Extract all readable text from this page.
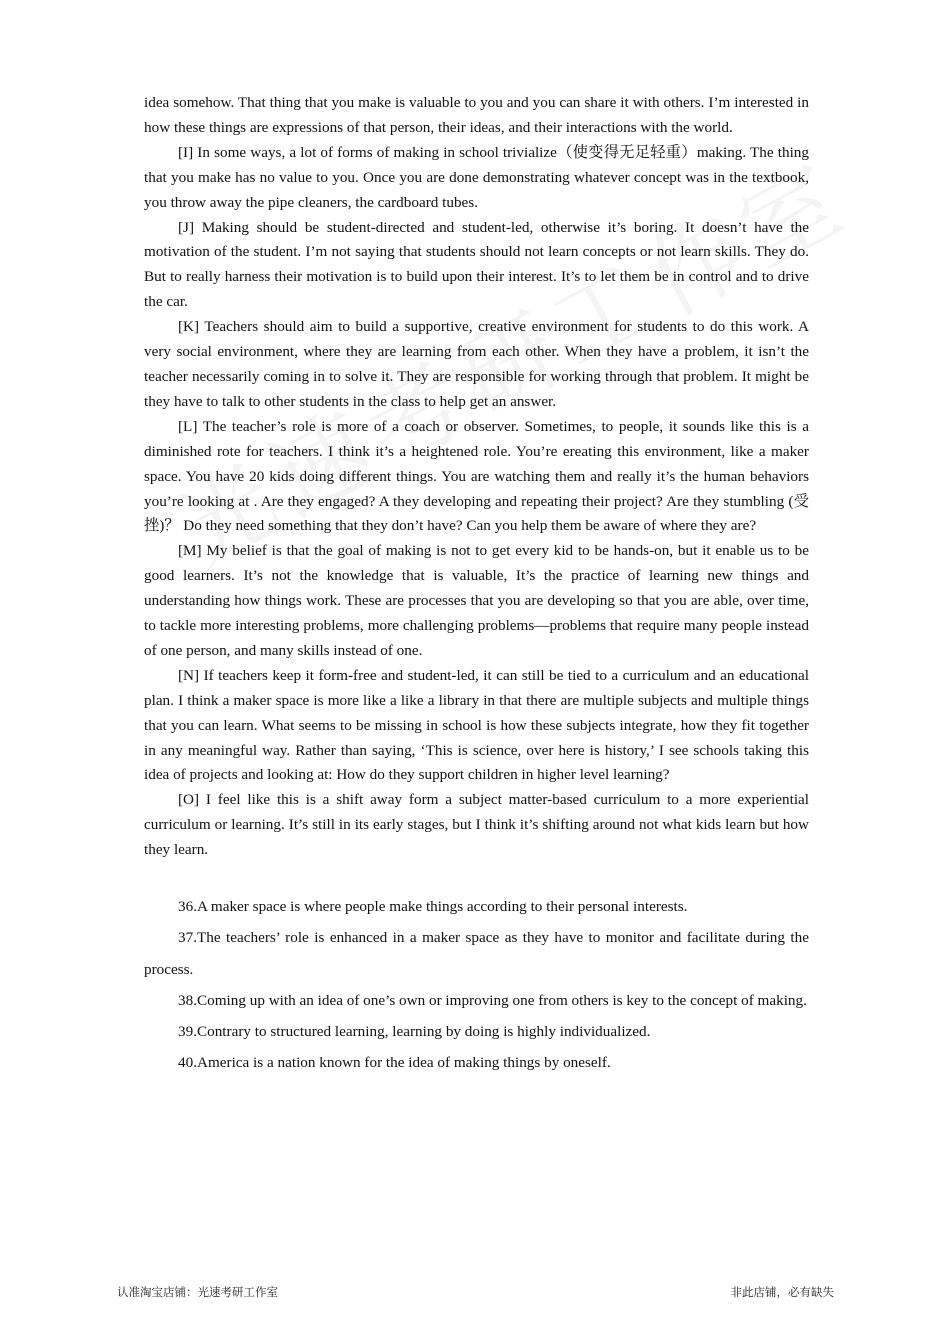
idea somehow. That thing that you make is valuable to you and you can share it with others. I’m interested in how these things are expressions of that person, their ideas, and their interactions with the world.

[I] In some ways, a lot of forms of making in school trivialize（使变得无足轻重）making. The thing that you make has no value to you. Once you are done demonstrating whatever concept was in the textbook, you throw away the pipe cleaners, the cardboard tubes.

[J] Making should be student-directed and student-led, otherwise it’s boring. It doesn’t have the motivation of the student. I’m not saying that students should not learn concepts or not learn skills. They do. But to really harness their motivation is to build upon their interest. It’s to let them be in control and to drive the car.

[K] Teachers should aim to build a supportive, creative environment for students to do this work. A very social environment, where they are learning from each other. When they have a problem, it isn’t the teacher necessarily coming in to solve it. They are responsible for working through that problem. It might be they have to talk to other students in the class to help get an answer.

[L] The teacher’s role is more of a coach or observer. Sometimes, to people, it sounds like this is a diminished rote for teachers. I think it’s a heightened role. You’re ereating this environment, like a maker space. You have 20 kids doing different things. You are watching them and really it’s the human behaviors you’re looking at . Are they engaged? A they developing and repeating their project? Are they stumbling (受挫)？ Do they need something that they don’t have? Can you help them be aware of where they are?

[M] My belief is that the goal of making is not to get every kid to be hands-on, but it enable us to be good learners. It’s not the knowledge that is valuable, It’s the practice of learning new things and understanding how things work. These are processes that you are developing so that you are able, over time, to tackle more interesting problems, more challenging problems—problems that require many people instead of one person, and many skills instead of one.

[N] If teachers keep it form-free and student-led, it can still be tied to a curriculum and an educational plan. I think a maker space is more like a like a library in that there are multiple subjects and multiple things that you can learn. What seems to be missing in school is how these subjects integrate, how they fit together in any meaningful way. Rather than saying, ‘This is science, over here is history,’ I see schools taking this idea of projects and looking at: How do they support children in higher level learning?

[O] I feel like this is a shift away form a subject matter-based curriculum to a more experiential curriculum or learning. It’s still in its early stages, but I think it’s shifting around not what kids learn but how they learn.

36.A maker space is where people make things according to their personal interests.

37.The teachers’ role is enhanced in a maker space as they have to monitor and facilitate during the process.

38.Coming up with an idea of one’s own or improving one from others is key to the concept of making.

39.Contrary to structured learning, learning by doing is highly individualized.

40.America is a nation known for the idea of making things by oneself.

认准淘宝店铺：光速考研工作室	非此店铺，必有缺失
